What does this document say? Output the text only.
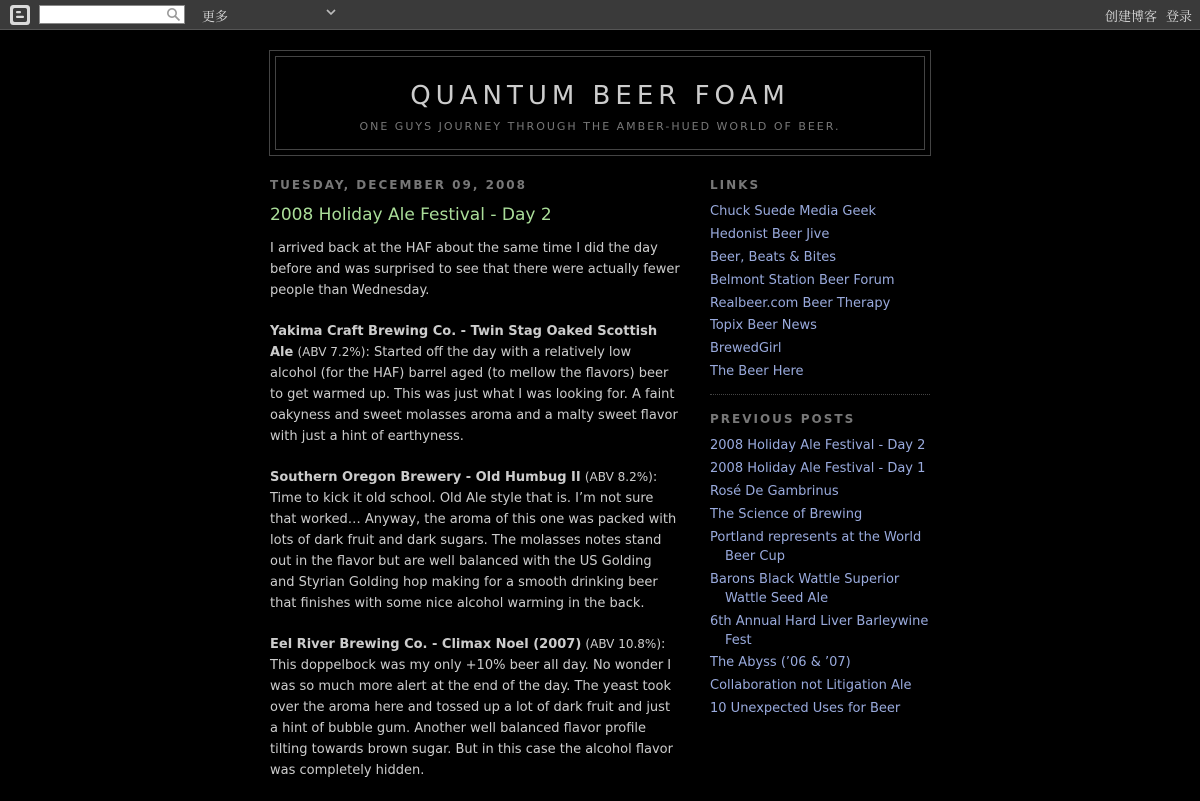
更多	创建博客 登录
QUANTUM BEER FOAM
ONE GUYS JOURNEY THROUGH THE AMBER-HUED WORLD OF BEER.
TUESDAY, DECEMBER 09, 2008
2008 Holiday Ale Festival - Day 2

I arrived back at the HAF about the same time I did the day before and was surprised to see that there were actually fewer people than Wednesday.

Yakima Craft Brewing Co. - Twin Stag Oaked Scottish Ale (ABV 7.2%): Started off the day with a relatively low alcohol (for the HAF) barrel aged (to mellow the flavors) beer to get warmed up. This was just what I was looking for. A faint oakyness and sweet molasses aroma and a malty sweet flavor with just a hint of earthyness.

Southern Oregon Brewery - Old Humbug II (ABV 8.2%): Time to kick it old school. Old Ale style that is. I’m not sure that worked… Anyway, the aroma of this one was packed with lots of dark fruit and dark sugars. The molasses notes stand out in the flavor but are well balanced with the US Golding and Styrian Golding hop making for a smooth drinking beer that finishes with some nice alcohol warming in the back.

Eel River Brewing Co. - Climax Noel (2007) (ABV 10.8%): This doppelbock was my only +10% beer all day. No wonder I was so much more alert at the end of the day. The yeast took over the aroma here and tossed up a lot of dark fruit and just a hint of bubble gum. Another well balanced flavor profile tilting towards brown sugar. But in this case the alcohol flavor was completely hidden.

LINKS
Chuck Suede Media Geek
Hedonist Beer Jive
Beer, Beats & Bites
Belmont Station Beer Forum
Realbeer.com Beer Therapy
Topix Beer News
BrewedGirl
The Beer Here
PREVIOUS POSTS
2008 Holiday Ale Festival - Day 2
2008 Holiday Ale Festival - Day 1
Rosé De Gambrinus
The Science of Brewing
Portland represents at the World Beer Cup
Barons Black Wattle Superior Wattle Seed Ale
6th Annual Hard Liver Barleywine Fest
The Abyss (’06 & ’07)
Collaboration not Litigation Ale
10 Unexpected Uses for Beer
